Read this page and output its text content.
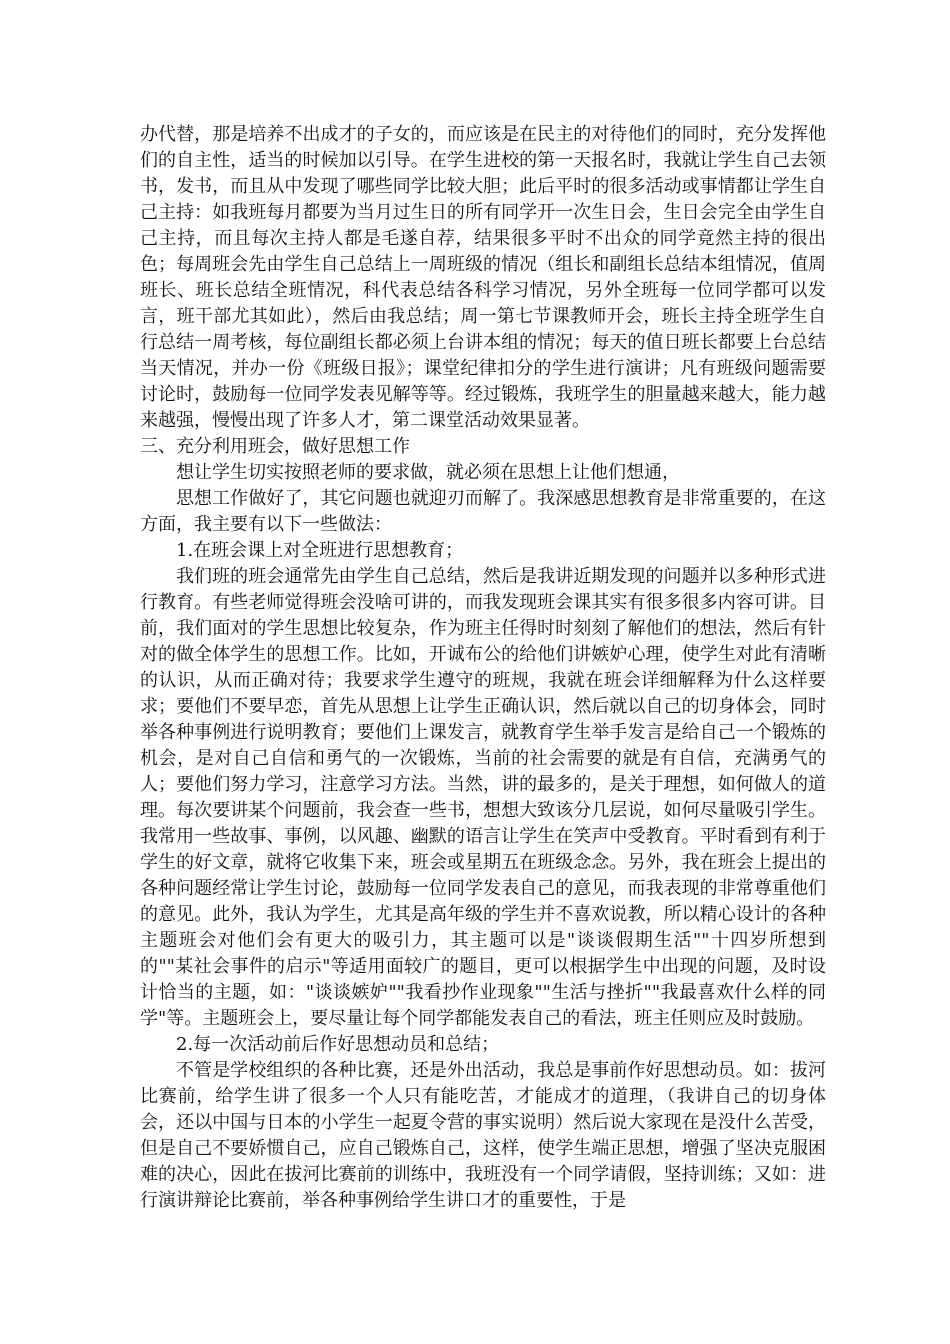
办代替，那是培养不出成才的子女的，而应该是在民主的对待他们的同时，充分发挥他们的自主性，适当的时候加以引导。在学生进校的第一天报名时，我就让学生自己去领书，发书，而且从中发现了哪些同学比较大胆；此后平时的很多活动或事情都让学生自己主持：如我班每月都要为当月过生日的所有同学开一次生日会，生日会完全由学生自己主持，而且每次主持人都是毛遂自荐，结果很多平时不出众的同学竟然主持的很出色；每周班会先由学生自己总结上一周班级的情况（组长和副组长总结本组情况，值周班长、班长总结全班情况，科代表总结各科学习情况，另外全班每一位同学都可以发言，班干部尤其如此），然后由我总结；周一第七节课教师开会，班长主持全班学生自行总结一周考核，每位副组长都必须上台讲本组的情况；每天的值日班长都要上台总结当天情况，并办一份《班级日报》；课堂纪律扣分的学生进行演讲；凡有班级问题需要讨论时，鼓励每一位同学发表见解等等。经过锻炼，我班学生的胆量越来越大，能力越来越强，慢慢出现了许多人才，第二课堂活动效果显著。

三、充分利用班会，做好思想工作

想让学生切实按照老师的要求做，就必须在思想上让他们想通，

思想工作做好了，其它问题也就迎刃而解了。我深感思想教育是非常重要的，在这方面，我主要有以下一些做法：

1.在班会课上对全班进行思想教育；

我们班的班会通常先由学生自己总结，然后是我讲近期发现的问题并以多种形式进行教育。有些老师觉得班会没啥可讲的，而我发现班会课其实有很多很多内容可讲。目前，我们面对的学生思想比较复杂，作为班主任得时时刻刻了解他们的想法，然后有针对的做全体学生的思想工作。比如，开诚布公的给他们讲嫉妒心理，使学生对此有清晰的认识，从而正确对待；我要求学生遵守的班规，我就在班会详细解释为什么这样要求；要他们不要早恋，首先从思想上让学生正确认识，然后就以自己的切身体会，同时举各种事例进行说明教育；要他们上课发言，就教育学生举手发言是给自己一个锻炼的机会，是对自己自信和勇气的一次锻炼，当前的社会需要的就是有自信，充满勇气的人；要他们努力学习，注意学习方法。当然，讲的最多的，是关于理想，如何做人的道理。每次要讲某个问题前，我会查一些书，想想大致该分几层说，如何尽量吸引学生。我常用一些故事、事例，以风趣、幽默的语言让学生在笑声中受教育。平时看到有利于学生的好文章，就将它收集下来，班会或星期五在班级念念。另外，我在班会上提出的各种问题经常让学生讨论，鼓励每一位同学发表自己的意见，而我表现的非常尊重他们的意见。此外，我认为学生，尤其是高年级的学生并不喜欢说教，所以精心设计的各种主题班会对他们会有更大的吸引力，其主题可以是"谈谈假期生活""十四岁所想到的""某社会事件的启示"等适用面较广的题目，更可以根据学生中出现的问题，及时设计恰当的主题，如："谈谈嫉妒""我看抄作业现象""生活与挫折""我最喜欢什么样的同学"等。主题班会上，要尽量让每个同学都能发表自己的看法，班主任则应及时鼓励。

2.每一次活动前后作好思想动员和总结；

不管是学校组织的各种比赛，还是外出活动，我总是事前作好思想动员。如：拔河比赛前，给学生讲了很多一个人只有能吃苦，才能成才的道理，（我讲自己的切身体会，还以中国与日本的小学生一起夏令营的事实说明）然后说大家现在是没什么苦受，但是自己不要娇惯自己，应自己锻炼自己，这样，使学生端正思想，增强了坚决克服困难的决心，因此在拔河比赛前的训练中，我班没有一个同学请假，坚持训练；又如：进行演讲辩论比赛前，举各种事例给学生讲口才的重要性，于是
